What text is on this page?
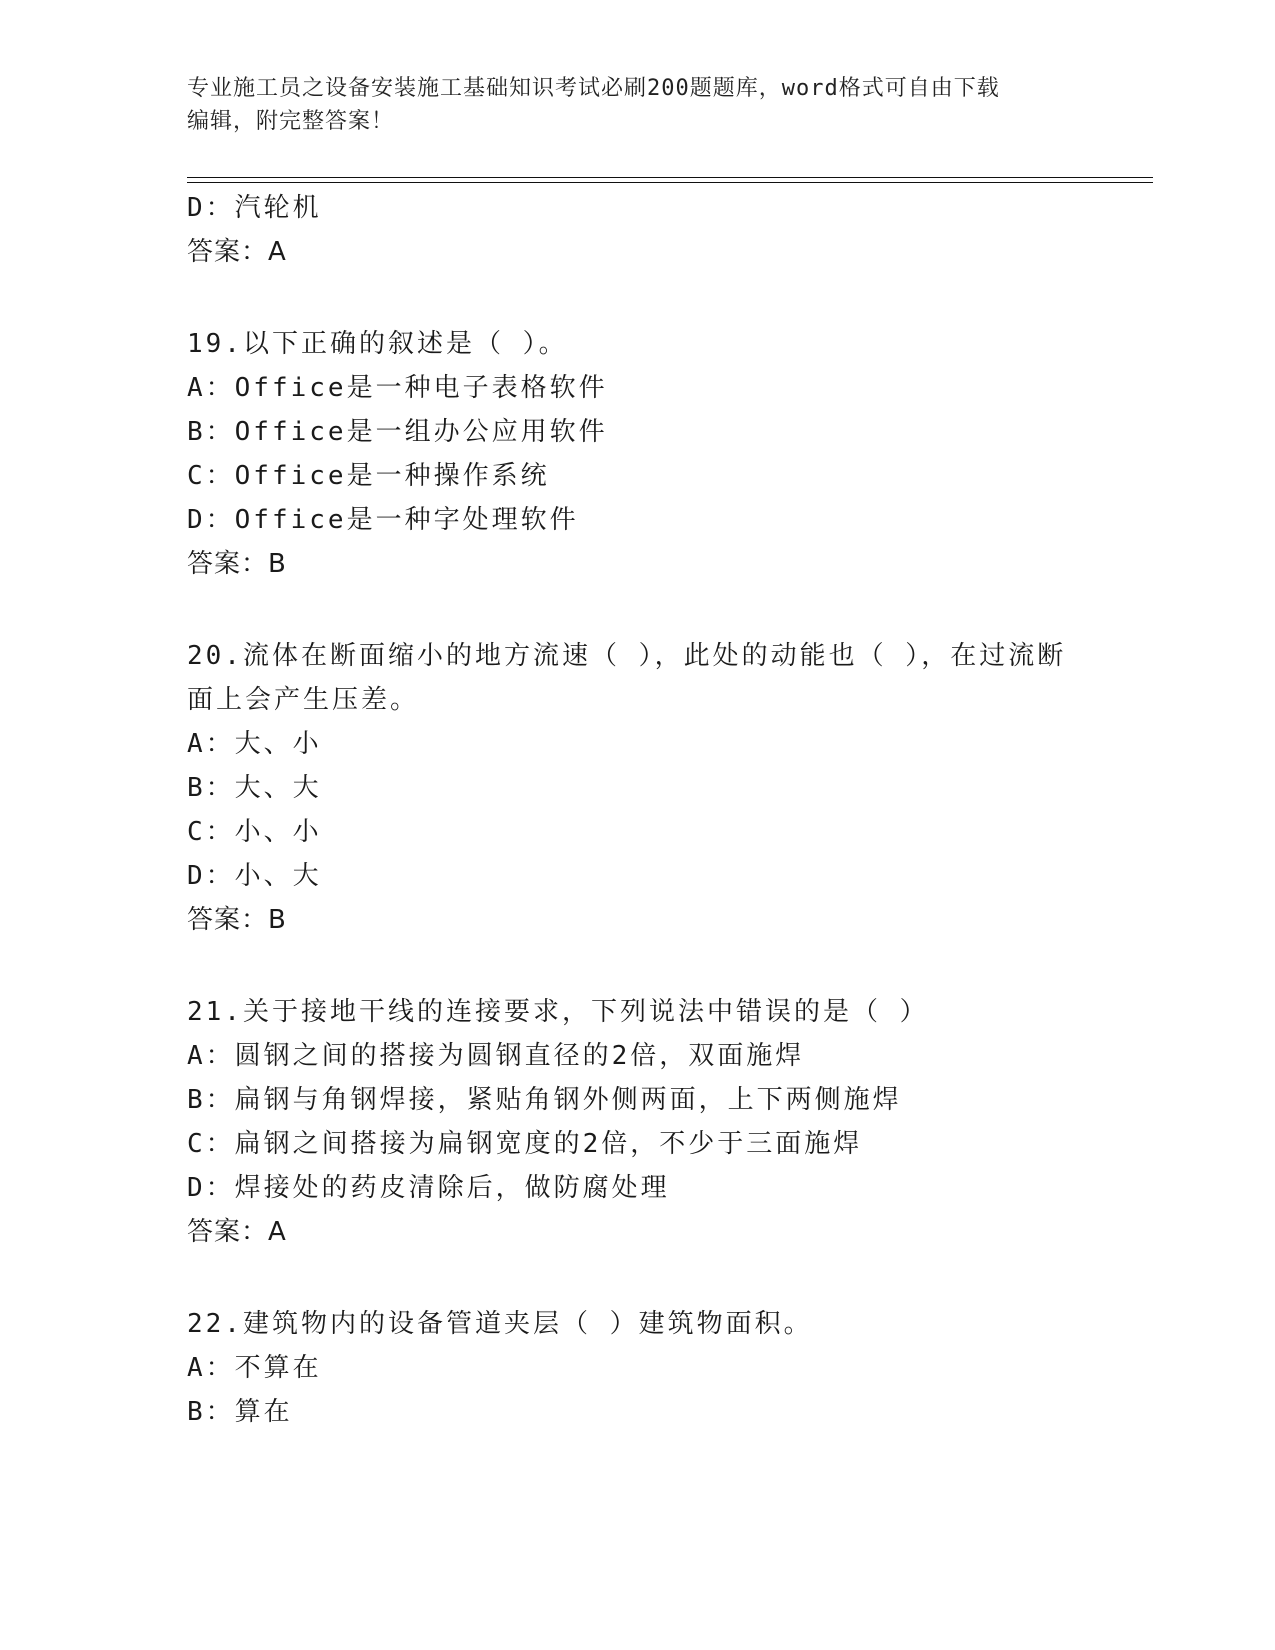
专业施工员之设备安装施工基础知识考试必刷200题题库，word格式可自由下载
编辑，附完整答案！
D：汽轮机
答案：A
19.以下正确的叙述是（ ）。
A：Office是一种电子表格软件
B：Office是一组办公应用软件
C：Office是一种操作系统
D：Office是一种字处理软件
答案：B
20.流体在断面缩小的地方流速（ ），此处的动能也（ ），在过流断
面上会产生压差。
A：大、小
B：大、大
C：小、小
D：小、大
答案：B
21.关于接地干线的连接要求，下列说法中错误的是（ ）
A：圆钢之间的搭接为圆钢直径的2倍，双面施焊
B：扁钢与角钢焊接，紧贴角钢外侧两面，上下两侧施焊
C：扁钢之间搭接为扁钢宽度的2倍，不少于三面施焊
D：焊接处的药皮清除后，做防腐处理
答案：A
22.建筑物内的设备管道夹层（ ）建筑物面积。
A：不算在
B：算在
